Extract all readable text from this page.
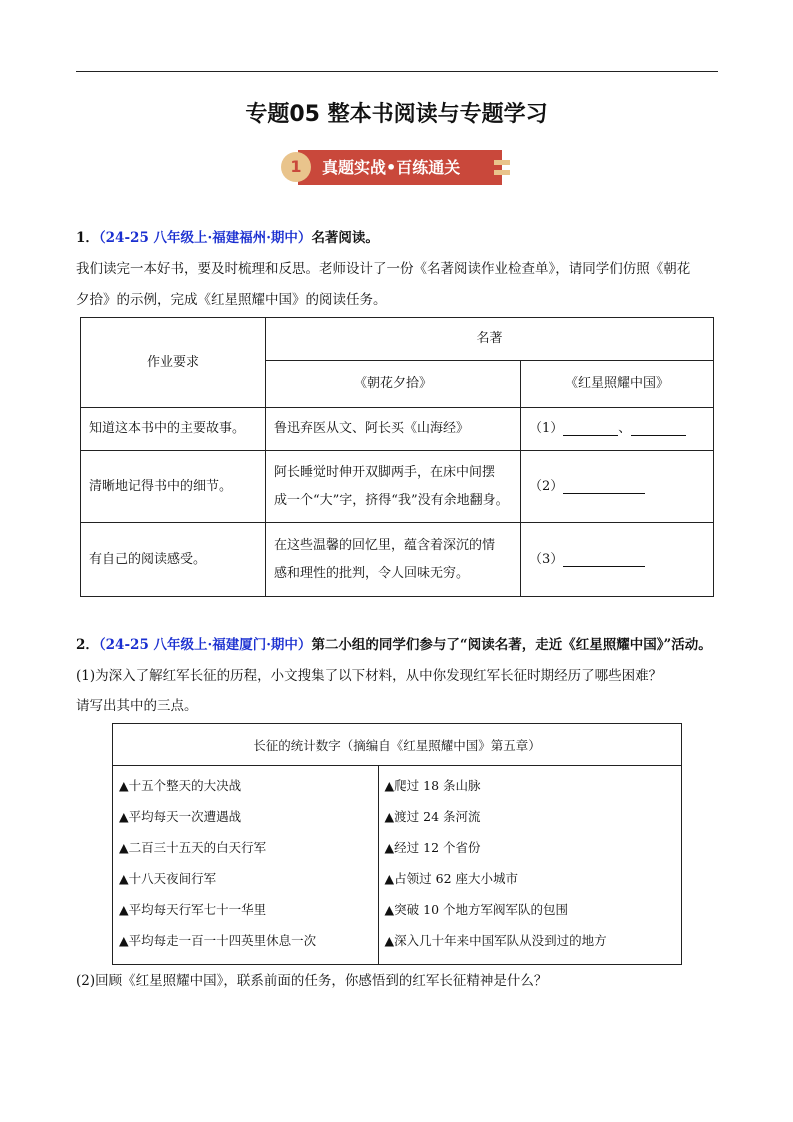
专题05 整本书阅读与专题学习
1	真题实战•百练通关
1．（24-25 八年级上·福建福州·期中）名著阅读。
我们读完一本好书，要及时梳理和反思。老师设计了一份《名著阅读作业检查单》，请同学们仿照《朝花
夕拾》的示例，完成《红星照耀中国》的阅读任务。
作业要求	名著	
	《朝花夕拾》	《红星照耀中国》
知道这本书中的主要故事。	鲁迅弃医从文、阿长买《山海经》	（1） 、
清晰地记得书中的细节。	阿长睡觉时伸开双脚两手，在床中间摆
成一个“大”字，挤得“我”没有余地翻身。	（2）
有自己的阅读感受。	在这些温馨的回忆里，蕴含着深沉的情
感和理性的批判，令人回味无穷。	（3）
2．（24-25 八年级上·福建厦门·期中）第二小组的同学们参与了“阅读名著，走近《红星照耀中国》”活动。
(1)为深入了解红军长征的历程，小文搜集了以下材料，从中你发现红军长征时期经历了哪些困难？
请写出其中的三点。
长征的统计数字（摘编自《红星照耀中国》第五章）

▲十五个整天的大决战
▲平均每天一次遭遇战
▲二百三十五天的白天行军
▲十八天夜间行军
▲平均每天行军七十一华里
▲平均每走一百一十四英里休息一次

▲爬过 18 条山脉
▲渡过 24 条河流
▲经过 12 个省份
▲占领过 62 座大小城市
▲突破 10 个地方军阀军队的包围
▲深入几十年来中国军队从没到过的地方
(2)回顾《红星照耀中国》，联系前面的任务，你感悟到的红军长征精神是什么？
